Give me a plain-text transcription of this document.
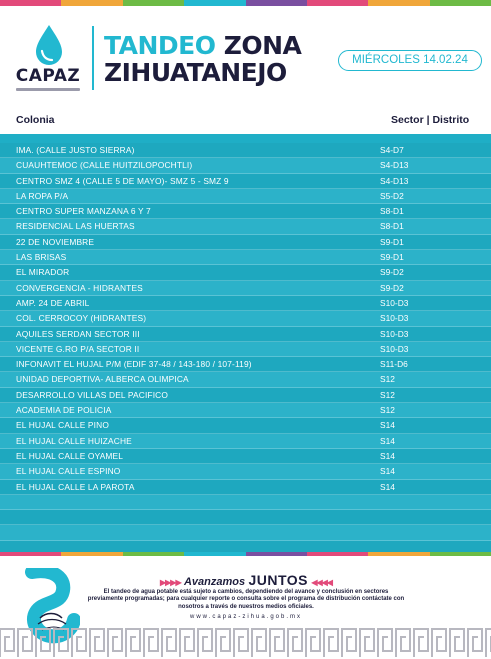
CAPAZ
TANDEO ZONA
ZIHUATANEJO	MIÉRCOLES 14.02.24
Colonia	Sector | Distrito
IMA. (CALLE JUSTO SIERRA)	S4-D7
CUAUHTEMOC (CALLE HUITZILOPOCHTLI)	S4-D13
CENTRO SMZ 4 (CALLE 5 DE MAYO)- SMZ 5 - SMZ 9	S4-D13
LA ROPA P/A	S5-D2
CENTRO SUPER MANZANA 6 Y 7	S8-D1
RESIDENCIAL LAS HUERTAS	S8-D1
22 DE NOVIEMBRE	S9-D1
LAS BRISAS	S9-D1
EL MIRADOR	S9-D2
CONVERGENCIA - HIDRANTES	S9-D2
AMP. 24 DE ABRIL	S10-D3
COL. CERROCOY (HIDRANTES)	S10-D3
AQUILES SERDAN SECTOR III	S10-D3
VICENTE G.RO P/A SECTOR II	S10-D3
INFONAVIT EL HUJAL P/M (EDIF 37-48 / 143-180 / 107-119)	S11-D6
UNIDAD DEPORTIVA- ALBERCA OLIMPICA	S12
DESARROLLO VILLAS DEL PACIFICO	S12
ACADEMIA DE POLICIA	S12
EL HUJAL CALLE PINO	S14
EL HUJAL CALLE HUIZACHE	S14
EL HUJAL CALLE OYAMEL	S14
EL HUJAL CALLE ESPINO	S14
EL HUJAL CALLE LA PAROTA	S14
▶▶▶▶ Avanzamos JUNTOS ◀◀◀◀
El tandeo de agua potable está sujeto a cambios, dependiendo del avance y conclusión en sectores previamente programadas; para cualquier reporte o consulta sobre el programa de distribución contáctate con nosotros a través de nuestros medios oficiales.
www.capaz-zihua.gob.mx
